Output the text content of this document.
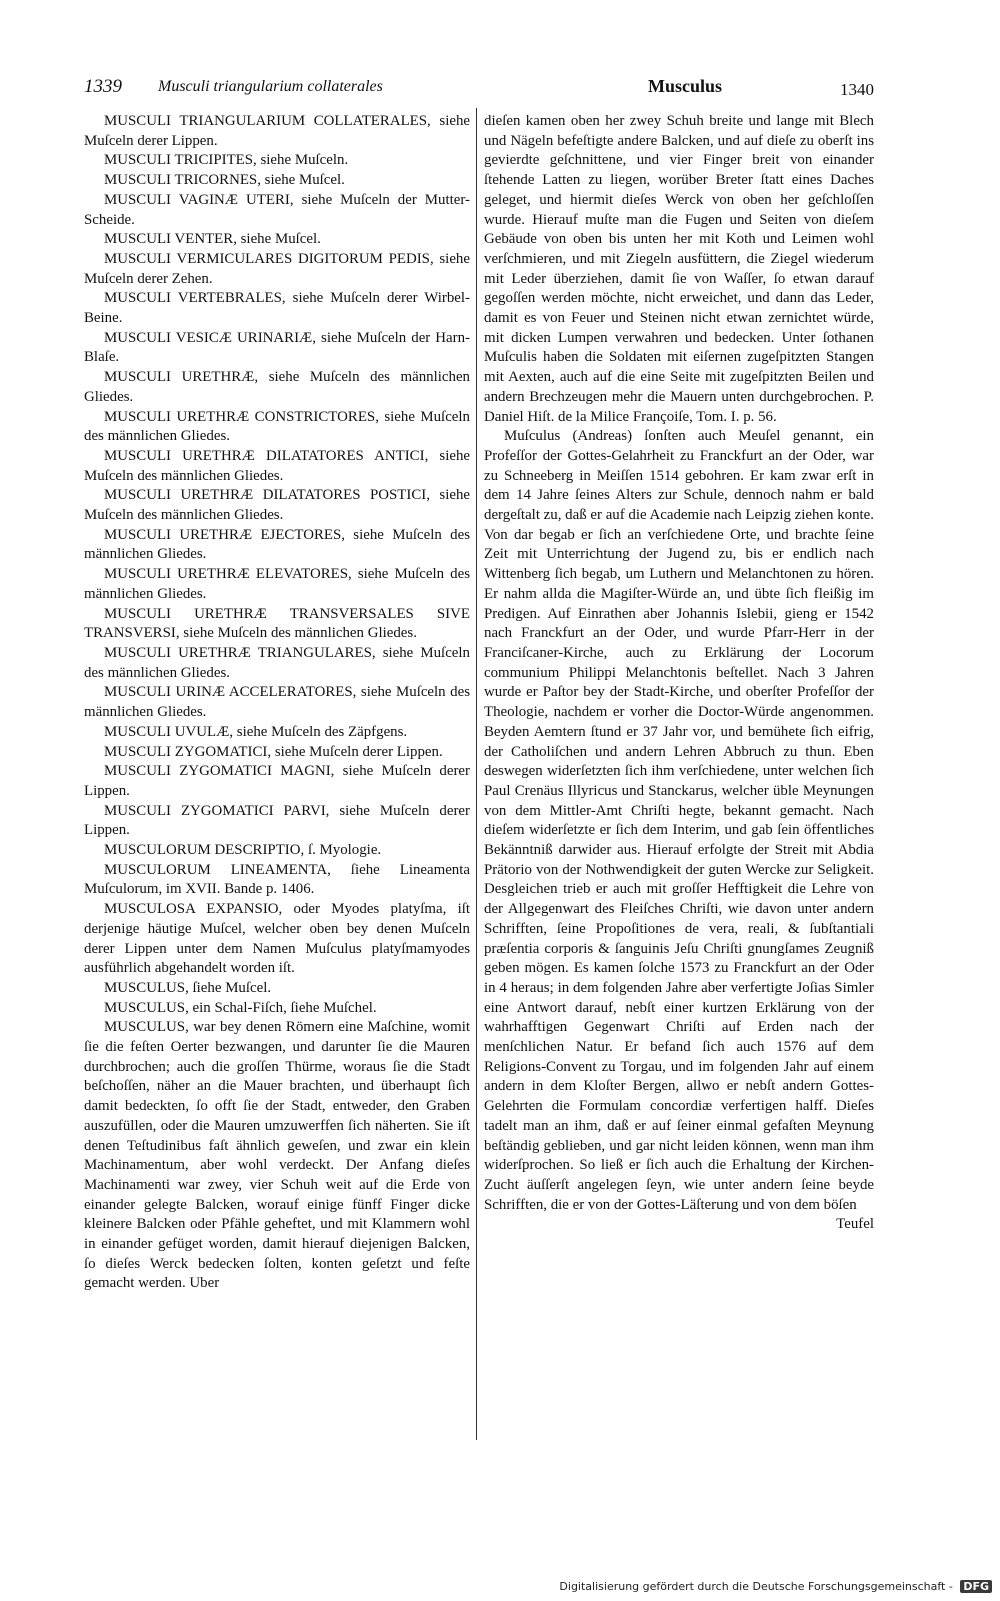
1339 Musculi triangularium collaterales	Musculus	1340

MUSCULI TRIANGULARIUM COLLATERALES, siehe Muſceln derer Lippen.

MUSCULI TRICIPITES, siehe Muſceln.

MUSCULI TRICORNES, siehe Muſcel.

MUSCULI VAGINÆ UTERI, siehe Muſceln der Mutter-Scheide.

MUSCULI VENTER, siehe Muſcel.

MUSCULI VERMICULARES DIGITORUM PEDIS, siehe Muſceln derer Zehen.

MUSCULI VERTEBRALES, siehe Muſceln derer Wirbel-Beine.

MUSCULI VESICÆ URINARIÆ, siehe Muſceln der Harn-Blaſe.

MUSCULI URETHRÆ, siehe Muſceln des männlichen Gliedes.

MUSCULI URETHRÆ CONSTRICTORES, siehe Muſceln des männlichen Gliedes.

MUSCULI URETHRÆ DILATATORES ANTICI, siehe Muſceln des männlichen Gliedes.

MUSCULI URETHRÆ DILATATORES POSTICI, siehe Muſceln des männlichen Gliedes.

MUSCULI URETHRÆ EJECTORES, siehe Muſceln des männlichen Gliedes.

MUSCULI URETHRÆ ELEVATORES, siehe Muſceln des männlichen Gliedes.

MUSCULI URETHRÆ TRANSVERSALES SIVE TRANSVERSI, siehe Muſceln des männlichen Gliedes.

MUSCULI URETHRÆ TRIANGULARES, siehe Muſceln des männlichen Gliedes.

MUSCULI URINÆ ACCELERATORES, siehe Muſceln des männlichen Gliedes.

MUSCULI UVULÆ, siehe Muſceln des Zäpfgens.

MUSCULI ZYGOMATICI, siehe Muſceln derer Lippen.

MUSCULI ZYGOMATICI MAGNI, siehe Muſceln derer Lippen.

MUSCULI ZYGOMATICI PARVI, siehe Muſceln derer Lippen.

MUSCULORUM DESCRIPTIO, ſ. Myologie.

MUSCULORUM LINEAMENTA, ſiehe Lineamenta Muſculorum, im XVII. Bande p. 1406.

MUSCULOSA EXPANSIO, oder Myodes platyſma, iſt derjenige häutige Muſcel, welcher oben bey denen Muſceln derer Lippen unter dem Namen Muſculus platyſmamyodes ausführlich abgehandelt worden iſt.

MUSCULUS, ſiehe Muſcel.

MUSCULUS, ein Schal-Fiſch, ſiehe Muſchel.

MUSCULUS, war bey denen Römern eine Maſchine, womit ſie die feſten Oerter bezwangen, und darunter ſie die Mauren durchbrochen; auch die groſſen Thürme, woraus ſie die Stadt beſchoſſen, näher an die Mauer brachten, und überhaupt ſich damit bedeckten, ſo offt ſie der Stadt, entweder, den Graben auszufüllen, oder die Mauren umzuwerffen ſich näherten. Sie iſt denen Teſtudinibus faſt ähnlich geweſen, und zwar ein klein Machinamentum, aber wohl verdeckt. Der Anfang dieſes Machinamenti war zwey, vier Schuh weit auf die Erde von einander gelegte Balcken, worauf einige fünff Finger dicke kleinere Balcken oder Pfähle geheftet, und mit Klammern wohl in einander gefüget worden, damit hierauf diejenigen Balcken, ſo dieſes Werck bedecken ſolten, konten geſetzt und feſte gemacht werden. Uber

dieſen kamen oben her zwey Schuh breite und lange mit Blech und Nägeln befeſtigte andere Balcken, und auf dieſe zu oberſt ins gevierdte geſchnittene, und vier Finger breit von einander ſtehende Latten zu liegen, worüber Breter ſtatt eines Daches geleget, und hiermit dieſes Werck von oben her geſchloſſen wurde. Hierauf muſte man die Fugen und Seiten von dieſem Gebäude von oben bis unten her mit Koth und Leimen wohl verſchmieren, und mit Ziegeln ausfüttern, die Ziegel wiederum mit Leder überziehen, damit ſie von Waſſer, ſo etwan darauf gegoſſen werden möchte, nicht erweichet, und dann das Leder, damit es von Feuer und Steinen nicht etwan zernichtet würde, mit dicken Lumpen verwahren und bedecken. Unter ſothanen Muſculis haben die Soldaten mit eiſernen zugeſpitzten Stangen mit Aexten, auch auf die eine Seite mit zugeſpitzten Beilen und andern Brechzeugen mehr die Mauern unten durchgebrochen. P. Daniel Hiſt. de la Milice Françoiſe, Tom. I. p. 56.

Muſculus (Andreas) ſonſten auch Meuſel genannt, ein Profeſſor der Gottes-Gelahrheit zu Franckfurt an der Oder, war zu Schneeberg in Meiſſen 1514 gebohren. Er kam zwar erſt in dem 14 Jahre ſeines Alters zur Schule, dennoch nahm er bald dergeſtalt zu, daß er auf die Academie nach Leipzig ziehen konte. Von dar begab er ſich an verſchiedene Orte, und brachte ſeine Zeit mit Unterrichtung der Jugend zu, bis er endlich nach Wittenberg ſich begab, um Luthern und Melanchtonen zu hören. Er nahm allda die Magiſter-Würde an, und übte ſich fleißig im Predigen. Auf Einrathen aber Johannis Islebii, gieng er 1542 nach Franckfurt an der Oder, und wurde Pfarr-Herr in der Franciſcaner-Kirche, auch zu Erklärung der Locorum communium Philippi Melanchtonis beſtellet. Nach 3 Jahren wurde er Paſtor bey der Stadt-Kirche, und oberſter Profeſſor der Theologie, nachdem er vorher die Doctor-Würde angenommen. Beyden Aemtern ſtund er 37 Jahr vor, und bemühete ſich eifrig, der Catholiſchen und andern Lehren Abbruch zu thun. Eben deswegen widerſetzten ſich ihm verſchiedene, unter welchen ſich Paul Crenäus Illyricus und Stanckarus, welcher üble Meynungen von dem Mittler-Amt Chriſti hegte, bekannt gemacht. Nach dieſem widerſetzte er ſich dem Interim, und gab ſein öffentliches Bekänntniß darwider aus. Hierauf erfolgte der Streit mit Abdia Prätorio von der Nothwendigkeit der guten Wercke zur Seligkeit. Desgleichen trieb er auch mit groſſer Hefftigkeit die Lehre von der Allgegenwart des Fleiſches Chriſti, wie davon unter andern Schrifften, ſeine Propoſitiones de vera, reali, & ſubſtantiali præſentia corporis & ſanguinis Jeſu Chriſti gnungſames Zeugniß geben mögen. Es kamen ſolche 1573 zu Franckfurt an der Oder in 4 heraus; in dem folgenden Jahre aber verfertigte Joſias Simler eine Antwort darauf, nebſt einer kurtzen Erklärung von der wahrhafftigen Gegenwart Chriſti auf Erden nach der menſchlichen Natur. Er befand ſich auch 1576 auf dem Religions-Convent zu Torgau, und im folgenden Jahr auf einem andern in dem Kloſter Bergen, allwo er nebſt andern Gottes-Gelehrten die Formulam concordiæ verfertigen halff. Dieſes tadelt man an ihm, daß er auf ſeiner einmal gefaſten Meynung beſtändig geblieben, und gar nicht leiden können, wenn man ihm widerſprochen. So ließ er ſich auch die Erhaltung der Kirchen-Zucht äuſſerſt angelegen ſeyn, wie unter andern ſeine beyde Schrifften, die er von der Gottes-Läſterung und von dem böſen

Teufel

Digitalisierung gefördert durch die Deutsche Forschungsgemeinschaft - DFG
